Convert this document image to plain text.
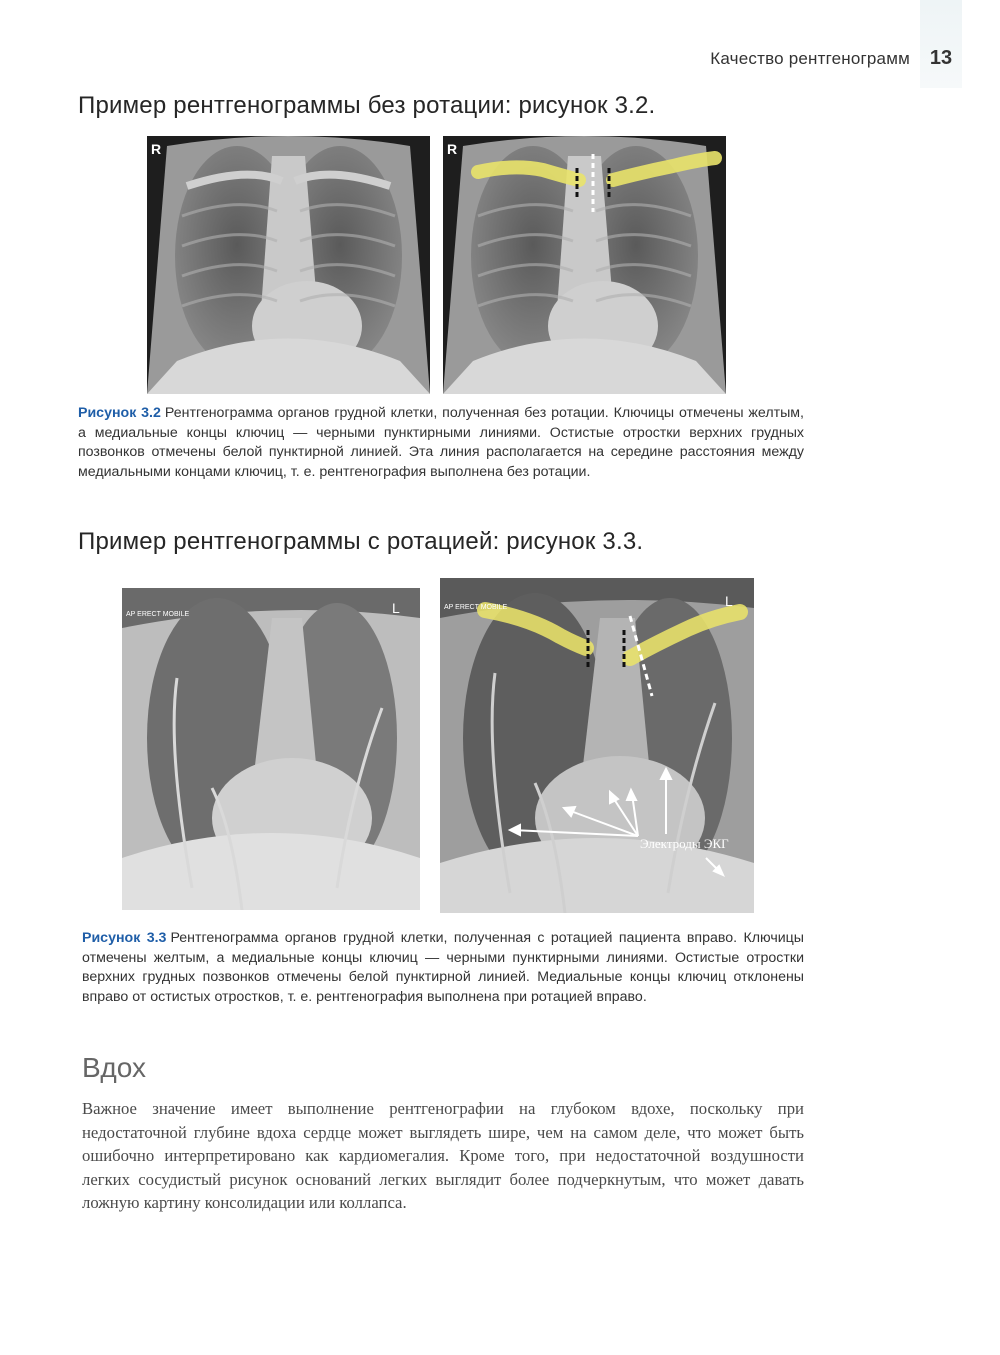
Качество рентгенограмм 13
Пример рентгенограммы без ротации: рисунок 3.2.
R	R
Рисунок 3.2 Рентгенограмма органов грудной клетки, полученная без ротации. Ключицы отмечены желтым, а медиальные концы ключиц — черными пунктирными линиями. Остистые отростки верхних грудных позвонков отмечены белой пунктирной линией. Эта линия располагается на середине расстояния между медиальными концами ключиц, т. е. рентгенография выполнена без ротации.
Пример рентгенограммы с ротацией: рисунок 3.3.
AP ERECT MOBILE	L
Электроды ЭКГ
AP ERECT MOBILE	L
Рисунок 3.3 Рентгенограмма органов грудной клетки, полученная с ротацией пациента вправо. Ключицы отмечены желтым, а медиальные концы ключиц — черными пунктирными линиями. Остистые отростки верхних грудных позвонков отмечены белой пунктирной линией. Медиальные концы ключиц отклонены вправо от остистых отростков, т. е. рентгенография выполнена при ротацией вправо.
Вдох

Важное значение имеет выполнение рентгенографии на глубоком вдохе, поскольку при недостаточной глубине вдоха сердце может выглядеть шире, чем на самом деле, что может быть ошибочно интерпретировано как кардиомегалия. Кроме того, при недостаточной воздушности легких сосудистый рисунок оснований легких выглядит более подчеркнутым, что может давать ложную картину консолидации или коллапса.
